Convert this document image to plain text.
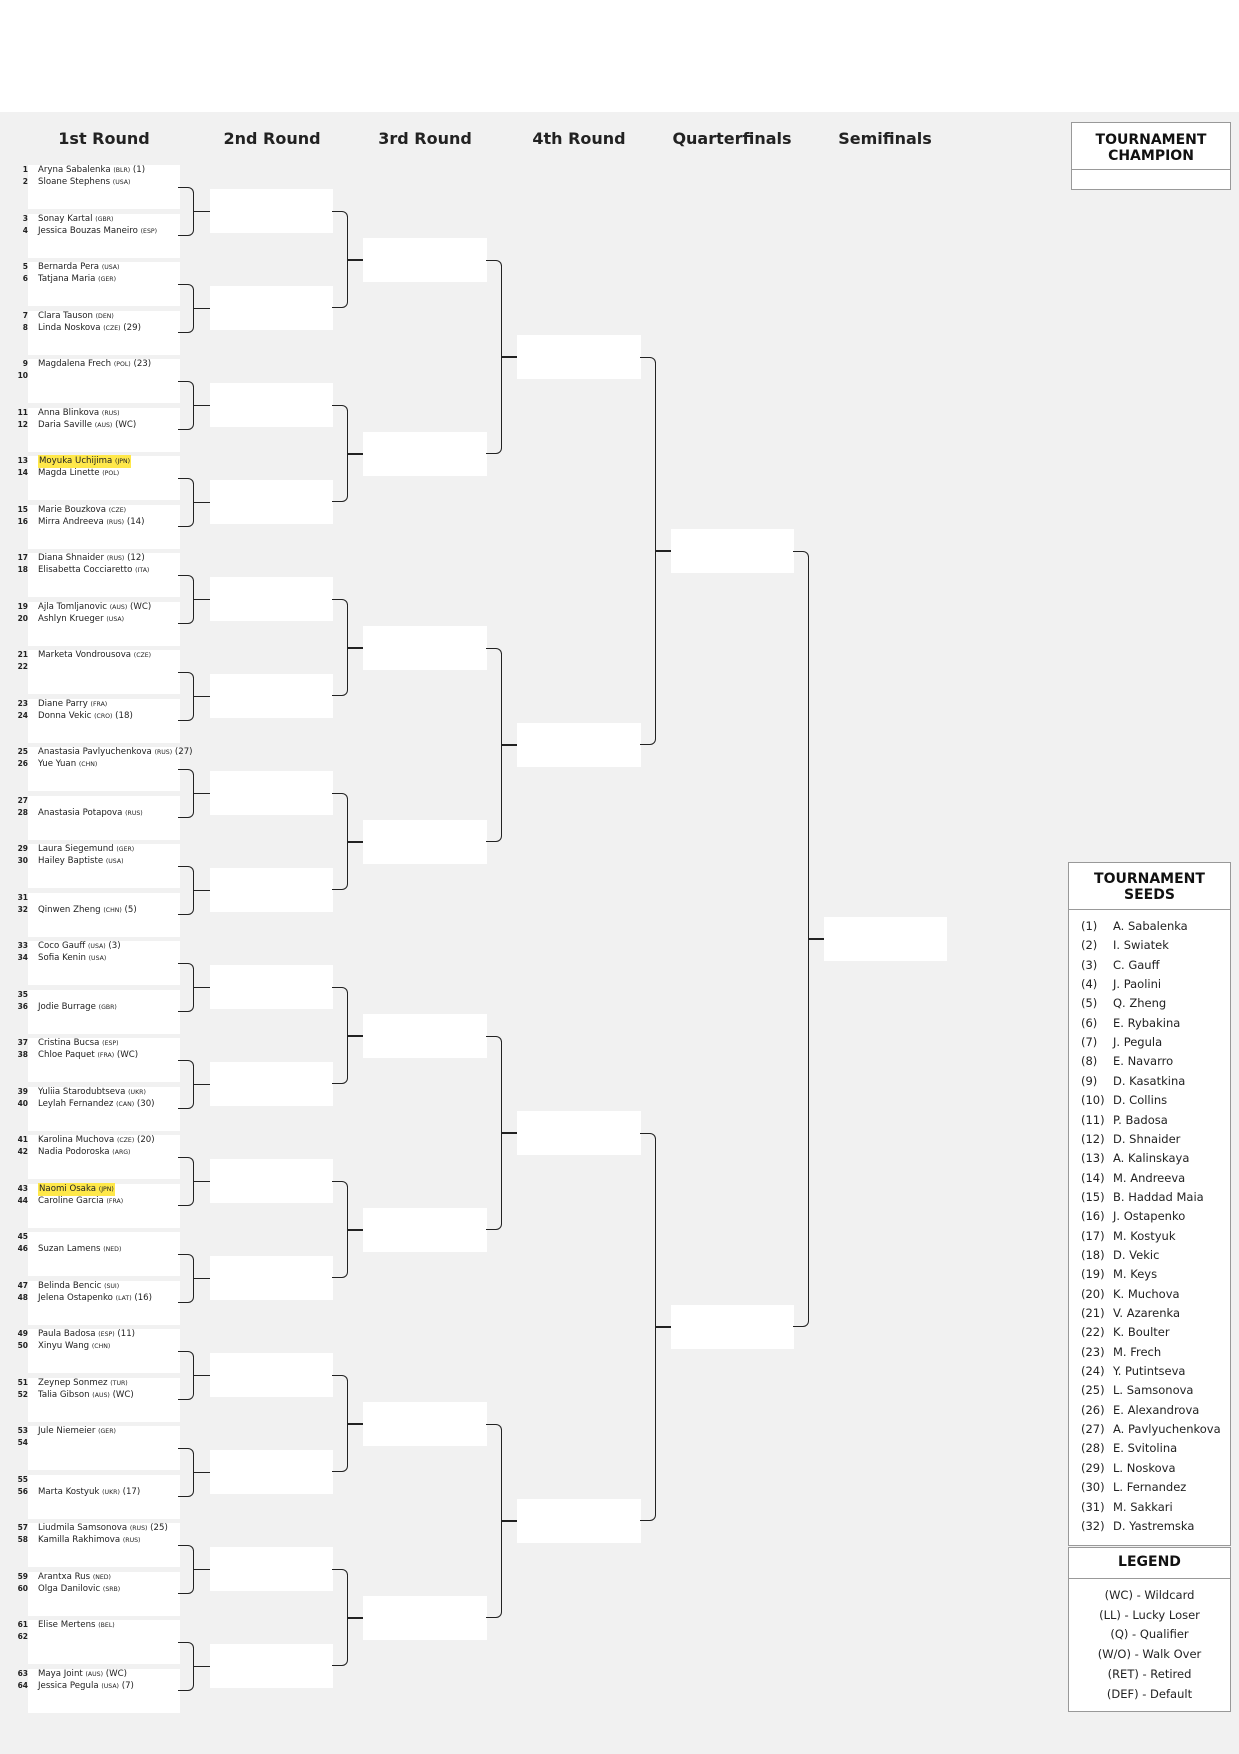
1st Round	2nd Round	3rd Round	4th Round	Quarterfinals	Semifinals
1 Aryna Sabalenka (BLR) (1)
2 Sloane Stephens (USA)
3 Sonay Kartal (GBR)
4 Jessica Bouzas Maneiro (ESP)
5 Bernarda Pera (USA)
6 Tatjana Maria (GER)
7 Clara Tauson (DEN)
8 Linda Noskova (CZE) (29)
9 Magdalena Frech (POL) (23)
10
11 Anna Blinkova (RUS)
12 Daria Saville (AUS) (WC)
13 Moyuka Uchijima (JPN)
14 Magda Linette (POL)
15 Marie Bouzkova (CZE)
16 Mirra Andreeva (RUS) (14)
17 Diana Shnaider (RUS) (12)
18 Elisabetta Cocciaretto (ITA)
19 Ajla Tomljanovic (AUS) (WC)
20 Ashlyn Krueger (USA)
21 Marketa Vondrousova (CZE)
22
23 Diane Parry (FRA)
24 Donna Vekic (CRO) (18)
25 Anastasia Pavlyuchenkova (RUS) (27)
26 Yue Yuan (CHN)
27
28 Anastasia Potapova (RUS)
29 Laura Siegemund (GER)
30 Hailey Baptiste (USA)
31
32 Qinwen Zheng (CHN) (5)
33 Coco Gauff (USA) (3)
34 Sofia Kenin (USA)
35
36 Jodie Burrage (GBR)
37 Cristina Bucsa (ESP)
38 Chloe Paquet (FRA) (WC)
39 Yuliia Starodubtseva (UKR)
40 Leylah Fernandez (CAN) (30)
41 Karolina Muchova (CZE) (20)
42 Nadia Podoroska (ARG)
43 Naomi Osaka (JPN)
44 Caroline Garcia (FRA)
45
46 Suzan Lamens (NED)
47 Belinda Bencic (SUI)
48 Jelena Ostapenko (LAT) (16)
49 Paula Badosa (ESP) (11)
50 Xinyu Wang (CHN)
51 Zeynep Sonmez (TUR)
52 Talia Gibson (AUS) (WC)
53 Jule Niemeier (GER)
54
55
56 Marta Kostyuk (UKR) (17)
57 Liudmila Samsonova (RUS) (25)
58 Kamilla Rakhimova (RUS)
59 Arantxa Rus (NED)
60 Olga Danilovic (SRB)
61 Elise Mertens (BEL)
62
63 Maya Joint (AUS) (WC)
64 Jessica Pegula (USA) (7)
TOURNAMENT CHAMPION
TOURNAMENT SEEDS
(1) A. Sabalenka
(2) I. Swiatek
(3) C. Gauff
(4) J. Paolini
(5) Q. Zheng
(6) E. Rybakina
(7) J. Pegula
(8) E. Navarro
(9) D. Kasatkina
(10) D. Collins
(11) P. Badosa
(12) D. Shnaider
(13) A. Kalinskaya
(14) M. Andreeva
(15) B. Haddad Maia
(16) J. Ostapenko
(17) M. Kostyuk
(18) D. Vekic
(19) M. Keys
(20) K. Muchova
(21) V. Azarenka
(22) K. Boulter
(23) M. Frech
(24) Y. Putintseva
(25) L. Samsonova
(26) E. Alexandrova
(27) A. Pavlyuchenkova
(28) E. Svitolina
(29) L. Noskova
(30) L. Fernandez
(31) M. Sakkari
(32) D. Yastremska
LEGEND
(WC) - Wildcard
(LL) - Lucky Loser
(Q) - Qualifier
(W/O) - Walk Over
(RET) - Retired
(DEF) - Default
